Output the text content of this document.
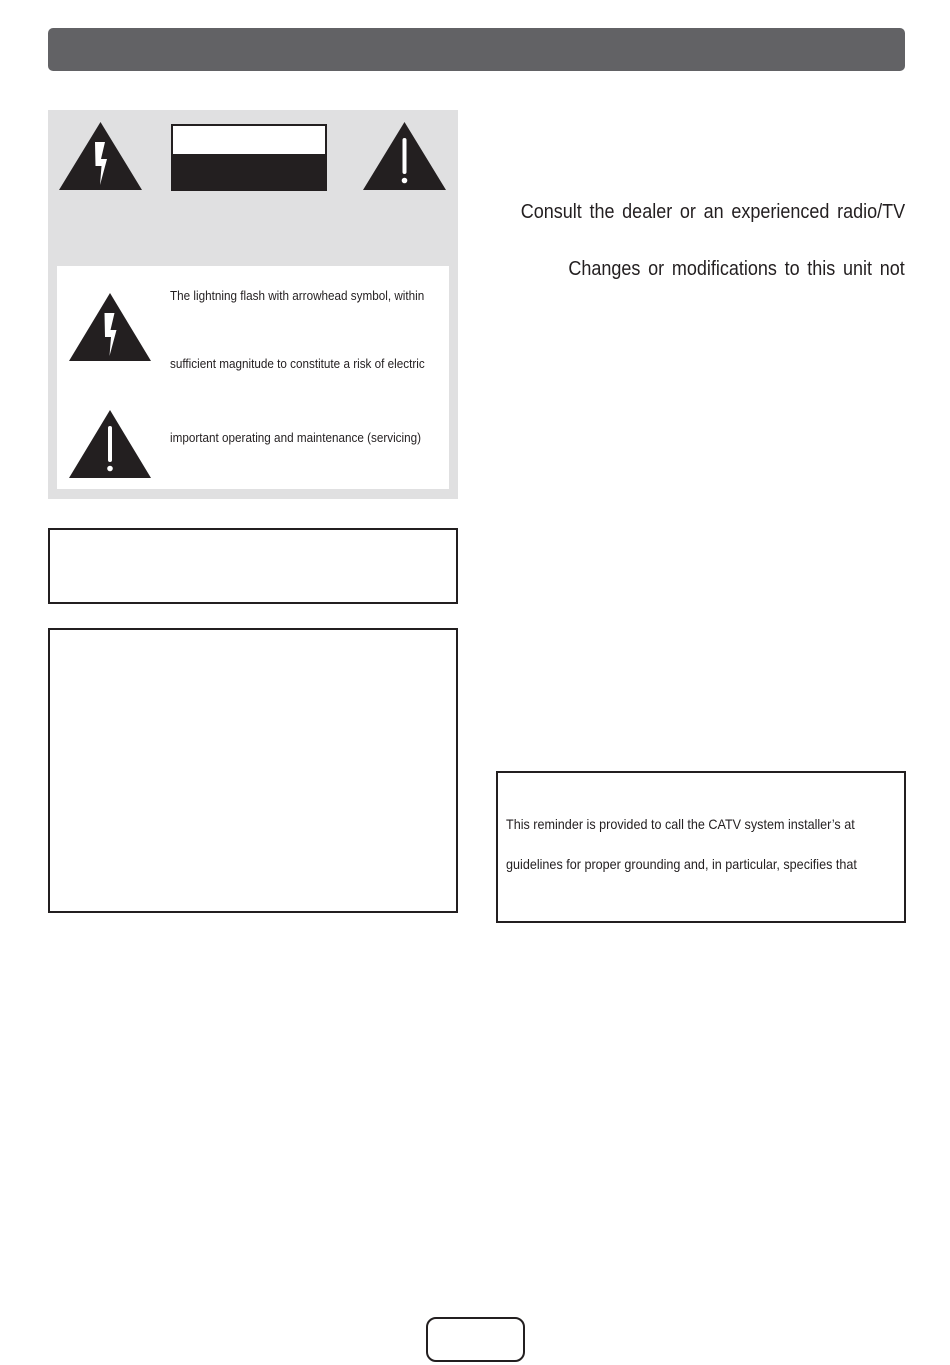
The lightning flash with arrowhead symbol, within
sufficient magnitude to constitute a risk of electric
important operating and maintenance (servicing)
Consult the dealer or an experienced radio/TV
Changes or modifications to this unit not
This reminder is provided to call the CATV system installer’s at
guidelines for proper grounding and, in particular, specifies that
